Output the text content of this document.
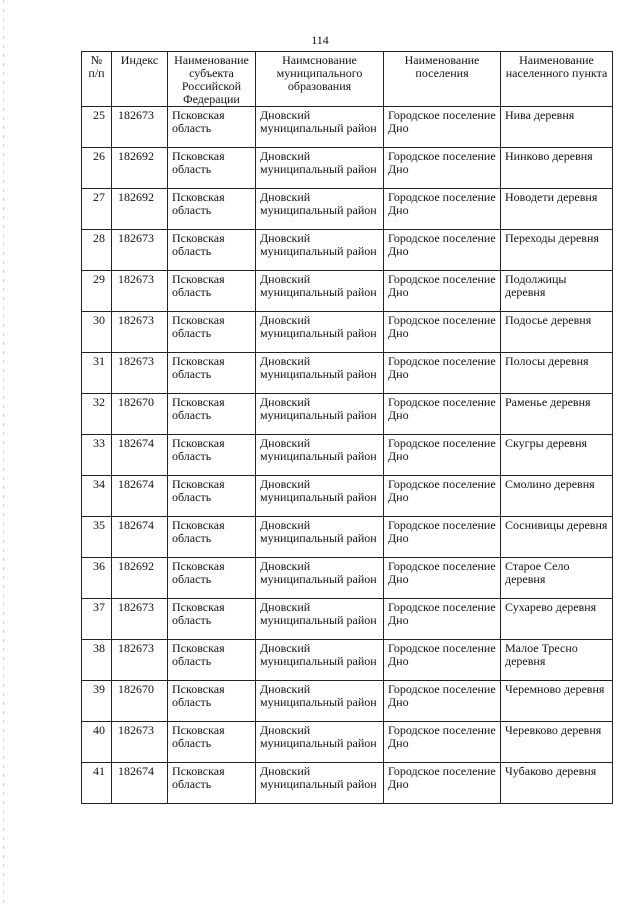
114
№ п/п	Индекс	Наименование субъекта Российской Федерации	Наимснование муниципального образования	Наименование поселения	Наименование населенного пункта
25	182673	Псковская область	Дновский муниципальный район	Городское поселение Дно	Нива деревня
26	182692	Псковская область	Дновский муниципальный район	Городское поселение Дно	Нинково деревня
27	182692	Псковская область	Дновский муниципальный район	Городское поселение Дно	Новодети деревня
28	182673	Псковская область	Дновский муниципальный район	Городское поселение Дно	Переходы деревня
29	182673	Псковская область	Дновский муниципальный район	Городское поселение Дно	Подолжицы деревня
30	182673	Псковская область	Дновский муниципальный район	Городское поселение Дно	Подосье деревня
31	182673	Псковская область	Дновский муниципальный район	Городское поселение Дно	Полосы деревня
32	182670	Псковская область	Дновский муниципальный район	Городское поселение Дно	Раменье деревня
33	182674	Псковская область	Дновский муниципальный район	Городское поселение Дно	Скугры деревня
34	182674	Псковская область	Дновский муниципальный район	Городское поселение Дно	Смолино деревня
35	182674	Псковская область	Дновский муниципальный район	Городское поселение Дно	Соснивицы деревня
36	182692	Псковская область	Дновский муниципальный район	Городское поселение Дно	Старое Село деревня
37	182673	Псковская область	Дновский муниципальный район	Городское поселение Дно	Сухарево деревня
38	182673	Псковская область	Дновский муниципальный район	Городское поселение Дно	Малое Тресно деревня
39	182670	Псковская область	Дновский муниципальный район	Городское поселение Дно	Черемново деревня
40	182673	Псковская область	Дновский муниципальный район	Городское поселение Дно	Черевково деревня
41	182674	Псковская область	Дновский муниципальный район	Городское поселение Дно	Чубаково деревня
